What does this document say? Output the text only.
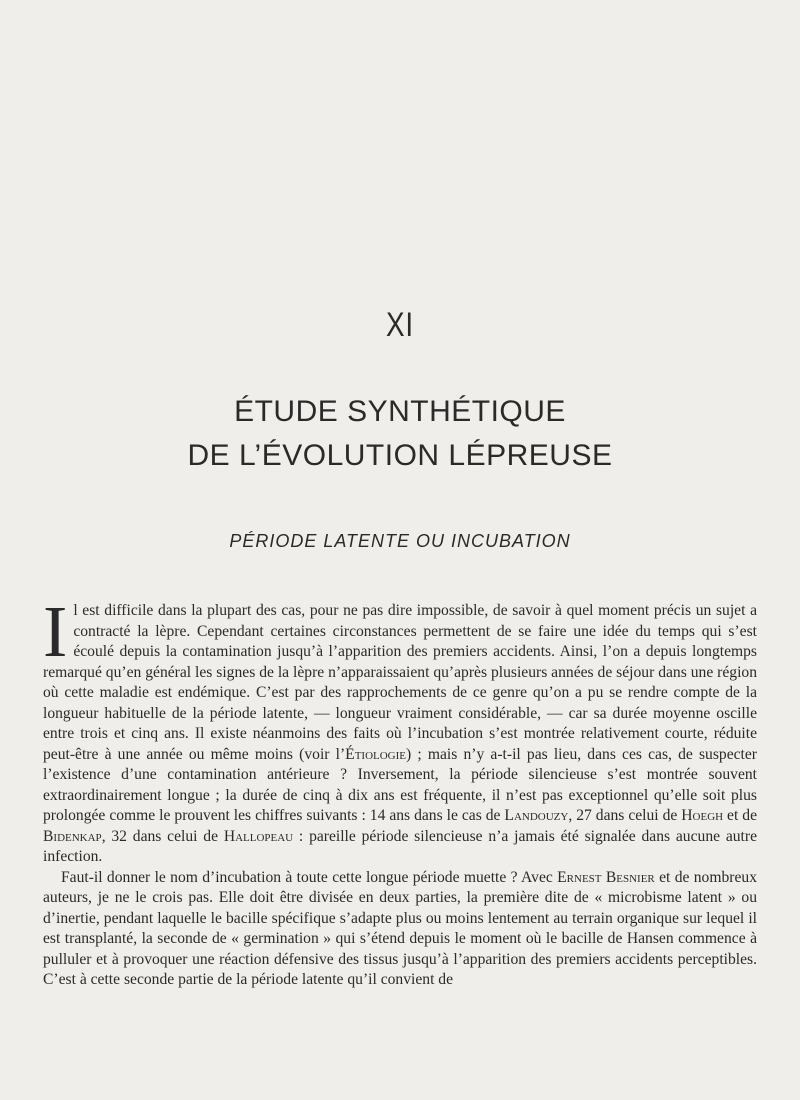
XI
ÉTUDE SYNTHÉTIQUE
DE L’ÉVOLUTION LÉPREUSE
PÉRIODE LATENTE OU INCUBATION

Il est difficile dans la plupart des cas, pour ne pas dire impossible, de savoir à quel moment précis un sujet a contracté la lèpre. Cependant certaines circonstances permettent de se faire une idée du temps qui s’est écoulé depuis la contamination jusqu’à l’apparition des premiers accidents. Ainsi, l’on a depuis longtemps remarqué qu’en général les signes de la lèpre n’apparaissaient qu’après plusieurs années de séjour dans une région où cette maladie est endémique. C’est par des rapprochements de ce genre qu’on a pu se rendre compte de la longueur habituelle de la période latente, — longueur vraiment considérable, — car sa durée moyenne oscille entre trois et cinq ans. Il existe néanmoins des faits où l’incubation s’est montrée relativement courte, réduite peut-être à une année ou même moins (voir l’Étiologie) ; mais n’y a-t-il pas lieu, dans ces cas, de suspecter l’existence d’une contamination antérieure ? Inversement, la période silencieuse s’est montrée souvent extraordinairement longue ; la durée de cinq à dix ans est fréquente, il n’est pas exceptionnel qu’elle soit plus prolongée comme le prouvent les chiffres suivants : 14 ans dans le cas de Landouzy, 27 dans celui de Hoegh et de Bidenkap, 32 dans celui de Hallopeau : pareille période silencieuse n’a jamais été signalée dans aucune autre infection.

Faut-il donner le nom d’incubation à toute cette longue période muette ? Avec Ernest Besnier et de nombreux auteurs, je ne le crois pas. Elle doit être divisée en deux parties, la première dite de « microbisme latent » ou d’inertie, pendant laquelle le bacille spécifique s’adapte plus ou moins lentement au terrain organique sur lequel il est transplanté, la seconde de « germination » qui s’étend depuis le moment où le bacille de Hansen commence à pulluler et à provoquer une réaction défensive des tissus jusqu’à l’apparition des premiers accidents perceptibles. C’est à cette seconde partie de la période latente qu’il convient de
